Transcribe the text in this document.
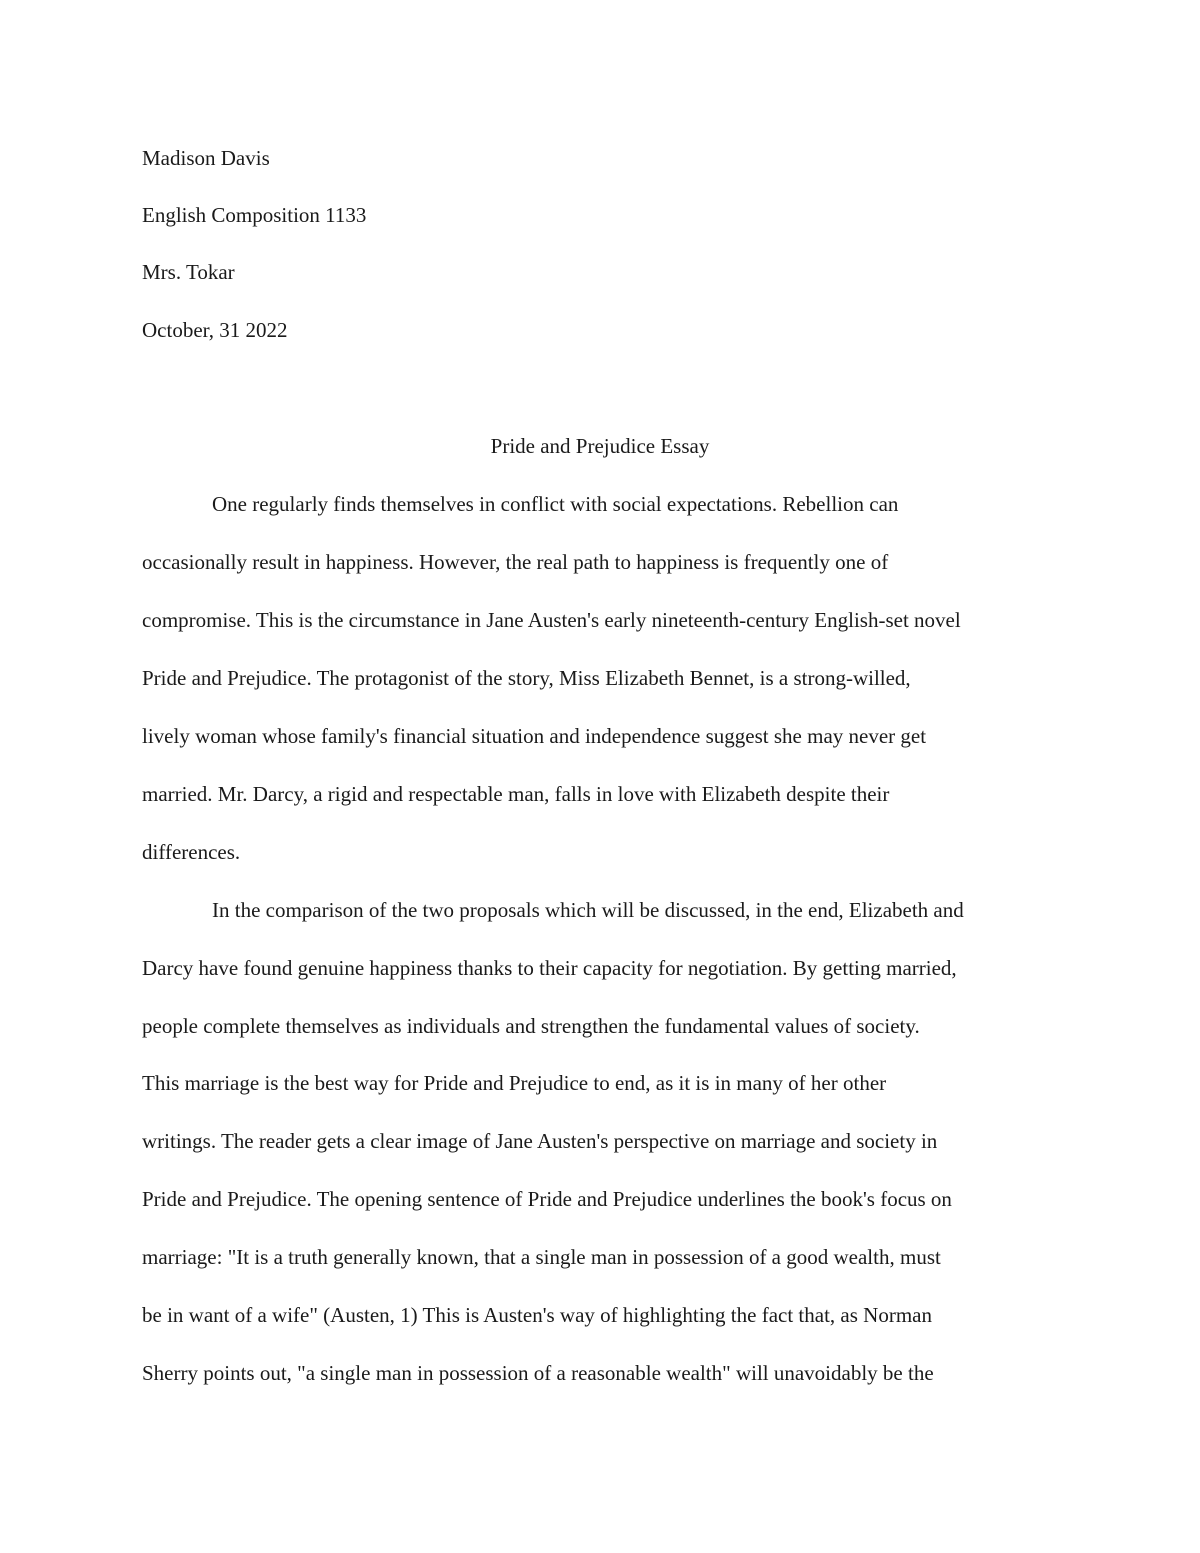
Madison Davis
English Composition 1133
Mrs. Tokar
October, 31 2022
Pride and Prejudice Essay
One regularly finds themselves in conflict with social expectations. Rebellion can
occasionally result in happiness. However, the real path to happiness is frequently one of
compromise. This is the circumstance in Jane Austen's early nineteenth-century English-set novel
Pride and Prejudice. The protagonist of the story, Miss Elizabeth Bennet, is a strong-willed,
lively woman whose family's financial situation and independence suggest she may never get
married. Mr. Darcy, a rigid and respectable man, falls in love with Elizabeth despite their
differences.
In the comparison of the two proposals which will be discussed, in the end, Elizabeth and
Darcy have found genuine happiness thanks to their capacity for negotiation. By getting married,
people complete themselves as individuals and strengthen the fundamental values of society.
This marriage is the best way for Pride and Prejudice to end, as it is in many of her other
writings. The reader gets a clear image of Jane Austen's perspective on marriage and society in
Pride and Prejudice. The opening sentence of Pride and Prejudice underlines the book's focus on
marriage: "It is a truth generally known, that a single man in possession of a good wealth, must
be in want of a wife" (Austen, 1) This is Austen's way of highlighting the fact that, as Norman
Sherry points out, "a single man in possession of a reasonable wealth" will unavoidably be the
